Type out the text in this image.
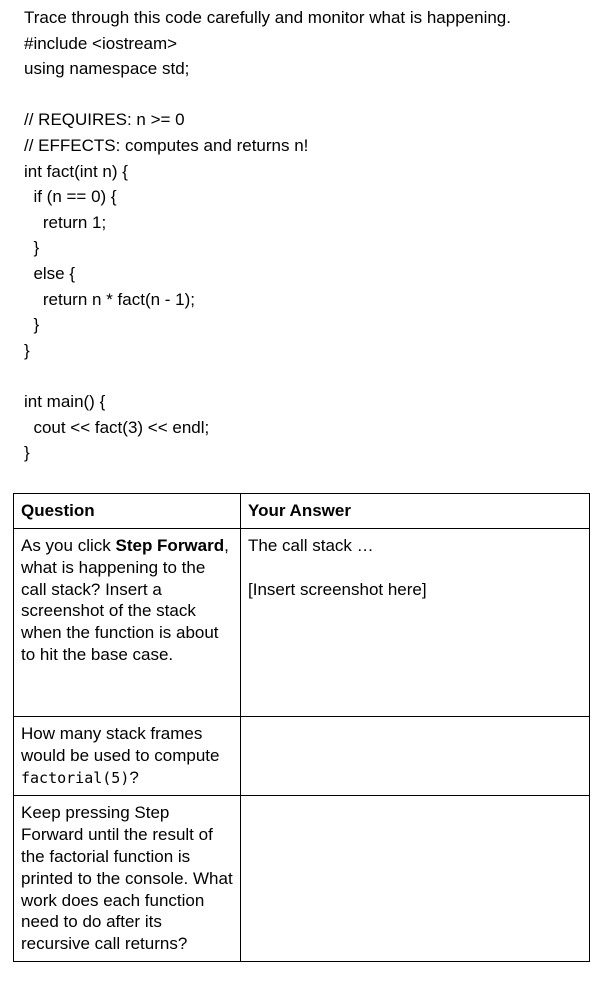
Trace through this code carefully and monitor what is happening.
#include <iostream>
using namespace std;
// REQUIRES: n >= 0
// EFFECTS: computes and returns n!
int fact(int n) {
if (n == 0) {
return 1;
}
else {
return n * fact(n - 1);
}
}
int main() {
cout << fact(3) << endl;
}
Question	Your Answer
As you click Step Forward, what is happening to the call stack? Insert a screenshot of the stack when the function is about to hit the base case.	The call stack …
[Insert screenshot here]

How many stack frames would be used to compute factorial(5)?	
Keep pressing Step Forward until the result of the factorial function is printed to the console. What work does each function need to do after its recursive call returns?	
